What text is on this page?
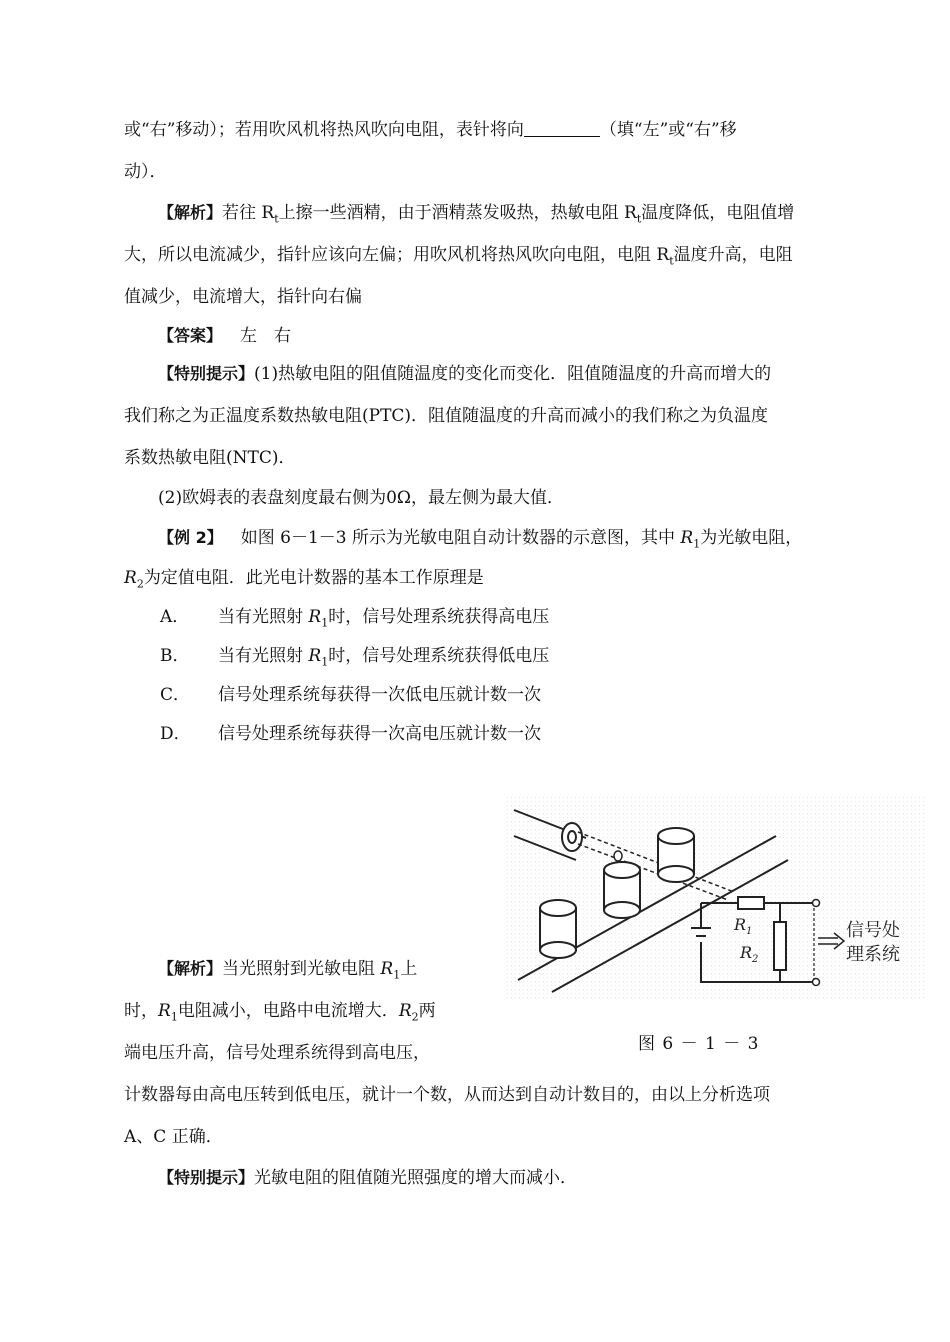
或“右”移动）；若用吹风机将热风吹向电阻，表针将向	（填“左”或“右”移
动）．
【解析】若往 $R_t$上擦一些酒精，由于酒精蒸发吸热，热敏电阻 $R_t$温度降低，电阻值增
大，所以电流减少，指针应该向左偏；用吹风机将热风吹向电阻，电阻 $R_t$温度升高，电阻
值减少，电流增大，指针向右偏
【答案】 左　右
【特别提示】(1)热敏电阻的阻值随温度的变化而变化．阻值随温度的升高而增大的
我们称之为正温度系数热敏电阻(PTC)．阻值随温度的升高而减小的我们称之为负温度
系数热敏电阻(NTC)．
(2)欧姆表的表盘刻度最右侧为0Ω，最左侧为最大值．
【例 2】 如图 6－1－3 所示为光敏电阻自动计数器的示意图，其中 $R_1$为光敏电阻，
$R_2$为定值电阻．此光电计数器的基本工作原理是
A． 当有光照射 $R_1$时，信号处理系统获得高电压
B． 当有光照射 $R_1$时，信号处理系统获得低电压
C． 信号处理系统每获得一次低电压就计数一次
D． 信号处理系统每获得一次高电压就计数一次
$R_1$
$R_2$
信号处
理系统
图 6 － 1 － 3
【解析】当光照射到光敏电阻 $R_1$上
时，$R_1$电阻减小，电路中电流增大．$R_2$两
端电压升高，信号处理系统得到高电压，
计数器每由高电压转到低电压，就计一个数，从而达到自动计数目的，由以上分析选项
A、C 正确．
【特别提示】光敏电阻的阻值随光照强度的增大而减小．
